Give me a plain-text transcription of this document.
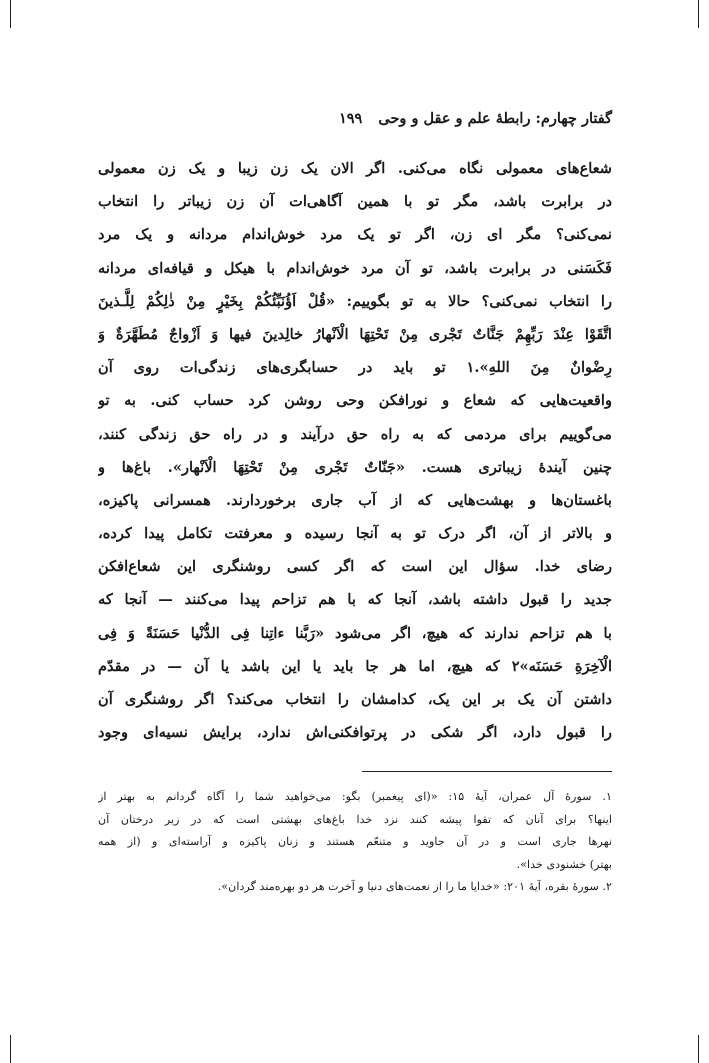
گفتار چهارم: رابطهٔ علم و عقل و وحی
۱۹۹
شعاع‌های معمولی نگاه می‌کنی. اگر الان یک زن زیبا و یک زن معمولی
در برابرت باشد، مگر تو با همین آگاهی‌ات آن زن زیباتر را انتخاب
نمی‌کنی؟ مگر ای زن، اگر تو یک مرد خوش‌اندام مردانه و یک مرد
فَکَسَنی در برابرت باشد، تو آن مرد خوش‌اندام با هیکل و قیافه‌ای مردانه
را انتخاب نمی‌کنی؟ حالا به تو بگوییم: «قُلْ اَؤُنَبِّئُکُمْ بِخَیْرٍ مِنْ ذٰلِکُمْ لِلَّـذینَ
اتَّقَوْا عِنْدَ رَبِّهِمْ جَنَّاتٌ تَجْری مِنْ تَحْتِهَا الْاَنْهارُ خالِدینَ فیها وَ اَزْواجٌ مُطَهَّرَةٌ وَ
رِضْوانٌ مِنَ اللهِ».۱ تو باید در حسابگری‌های زندگی‌ات روی آن
واقعیت‌هایی که شعاع و نورافکن وحی روشن کرد حساب کنی. به تو
می‌گوییم برای مردمی که به راه حق درآیند و در راه حق زندگی کنند،
چنین آیندهٔ زیباتری هست. «جَنّاتٌ تَجْری مِنْ تَحْتِهَا الْاَنْهار». باغ‌ها و
باغستان‌ها و بهشت‌هایی که از آب جاری برخوردارند. همسرانی پاکیزه،
و بالاتر از آن، اگر درک تو به آنجا رسیده و معرفتت تکامل پیدا کرده،
رضای خدا. سؤال این است که اگر کسی روشنگری این شعاع‌افکن
جدید را قبول داشته باشد، آنجا که با هم تزاحم پیدا می‌کنند — آنجا که
با هم تزاحم ندارند که هیچ، اگر می‌شود «رَبَّنا ءاتِنا فِی الدُّنْیا حَسَنَةً وَ فِی
الْآخِرَةِ حَسَنَه»۲ که هیچ، اما هر جا باید یا این باشد یا آن — در مقدّم
داشتن آن یک بر این یک، کدامشان را انتخاب می‌کند؟ اگر روشنگری آن
را قبول دارد، اگر شکی در پرتوافکنی‌اش ندارد، برایش نسیه‌ای وجود
۱. سورهٔ آل عمران، آیهٔ ۱۵: «(ای پیغمبر) بگو: می‌خواهید شما را آگاه گردانم به بهتر از
اینها؟ برای آنان که تقوا پیشه کنند نزد خدا باغ‌های بهشتی است که در زیر درختان آن
نهرها جاری است و در آن جاوید و متنعّم هستند و زنان پاکیزه و آراسته‌ای و (از همه
بهتر) خشنودی خدا».
۲. سورهٔ بقره، آیهٔ ۲۰۱: «خدایا ما را از نعمت‌های دنیا و آخرت هر دو بهره‌مند گردان».
